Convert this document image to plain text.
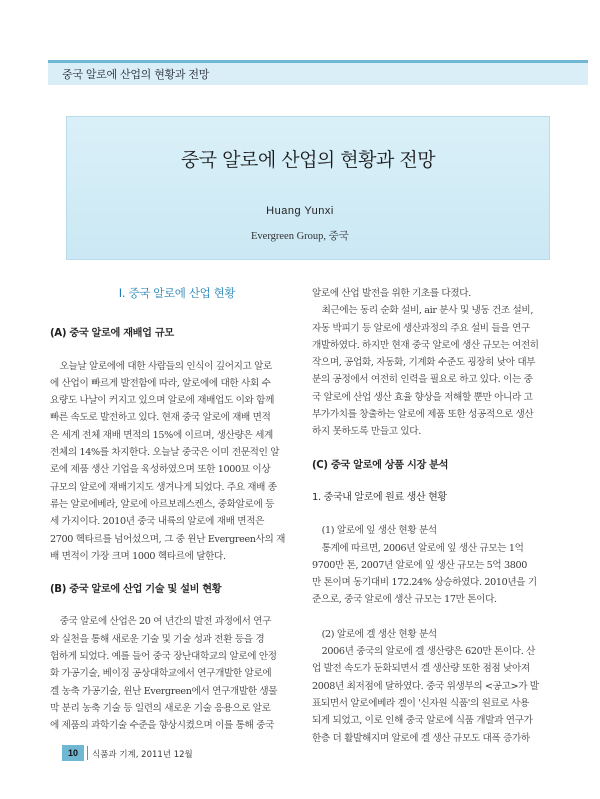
중국 알로에 산업의 현황과 전망
중국 알로에 산업의 현황과 전망
Huang Yunxi
Evergreen Group, 중국
Ⅰ. 중국 알로에 산업 현황
(A) 중국 알로에 재배업 규모

오늘날 알로에에 대한 사람들의 인식이 깊어지고 알로

에 산업이 빠르게 발전함에 따라, 알로에에 대한 사회 수

요량도 나날이 커지고 있으며 알로에 재배업도 이와 함께

빠른 속도로 발전하고 있다. 현재 중국 알로에 재배 면적

은 세계 전체 재배 면적의 15%에 이르며, 생산량은 세계

전체의 14%를 차지한다. 오늘날 중국은 이미 전문적인 알

로에 제품 생산 기업을 육성하였으며 또한 1000묘 이상

규모의 알로에 재배기지도 생겨나게 되었다. 주요 재배 종

류는 알로에베라, 알로에 아르보레스켄스, 중화알로에 등

세 가지이다. 2010년 중국 내륙의 알로에 재배 면적은

2700 헥타르를 넘어섰으며, 그 중 윈난 Evergreen사의 재

배 면적이 가장 크며 1000 헥타르에 달한다.

(B) 중국 알로에 산업 기술 및 설비 현황

중국 알로에 산업은 20 여 년간의 발전 과정에서 연구

와 실천을 통해 새로운 기술 및 기술 성과 전환 등을 경

험하게 되었다. 예를 들어 중국 장난대학교의 알로에 안정

화 가공기술, 베이징 공상대학교에서 연구개발한 알로에

겔 농축 가공기술, 윈난 Evergreen에서 연구개발한 생물

막 분리 농축 기술 등 일련의 새로운 기술 응용으로 알로

에 제품의 과학기술 수준을 향상시켰으며 이를 통해 중국

알로에 산업 발전을 위한 기초를 다졌다.

최근에는 동리 순화 설비, air 분사 및 냉동 건조 설비,

자동 박피기 등 알로에 생산과정의 주요 설비 들을 연구

개발하였다. 하지만 현재 중국 알로에 생산 규모는 여전히

작으며, 공업화, 자동화, 기계화 수준도 굉장히 낮아 대부

분의 공정에서 여전히 인력을 필요로 하고 있다. 이는 중

국 알로에 산업 생산 효율 향상을 저해할 뿐만 아니라 고

부가가치를 창출하는 알로에 제품 또한 성공적으로 생산

하지 못하도록 만들고 있다.

(C) 중국 알로에 상품 시장 분석
1. 중국내 알로에 원료 생산 현황

(1) 알로에 잎 생산 현황 분석

통계에 따르면, 2006년 알로에 잎 생산 규모는 1억

9700만 톤, 2007년 알로에 잎 생산 규모는 5억 3800

만 톤이며 동기대비 172.24% 상승하였다. 2010년을 기

준으로, 중국 알로에 생산 규모는 17만 톤이다.

(2) 알로에 겔 생산 현황 분석

2006년 중국의 알로에 겔 생산량은 620만 톤이다. 산

업 발전 속도가 둔화되면서 겔 생산량 또한 점점 낮아져

2008년 최저점에 달하였다. 중국 위생부의 <공고>가 발

표되면서 알로에베라 겔이 '신자원 식품'의 원료로 사용

되게 되었고, 이로 인해 중국 알로에 식품 개발과 연구가

한층 더 활발해지며 알로에 겔 생산 규모도 대폭 증가하

10	식품과 기계, 2011년 12월
